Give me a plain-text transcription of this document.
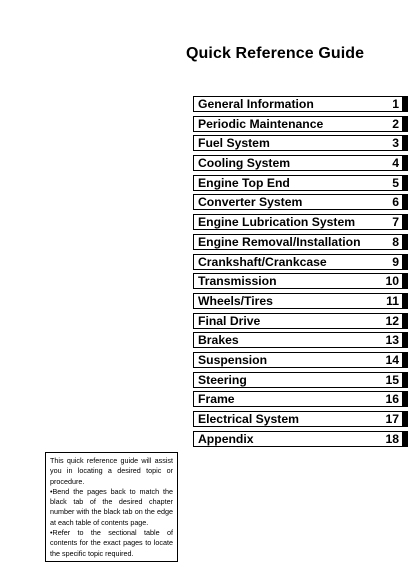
Quick Reference Guide
General Information	1
Periodic Maintenance	2
Fuel System	3
Cooling System	4
Engine Top End	5
Converter System	6
Engine Lubrication System	7
Engine Removal/Installation	8
Crankshaft/Crankcase	9
Transmission	10
Wheels/Tires	11
Final Drive	12
Brakes	13
Suspension	14
Steering	15
Frame	16
Electrical System	17
Appendix	18

This quick reference guide will assist you in locating a desired topic or procedure.

•Bend the pages back to match the black tab of the desired chapter number with the black tab on the edge at each table of contents page.

•Refer to the sectional table of contents for the exact pages to locate the specific topic required.
